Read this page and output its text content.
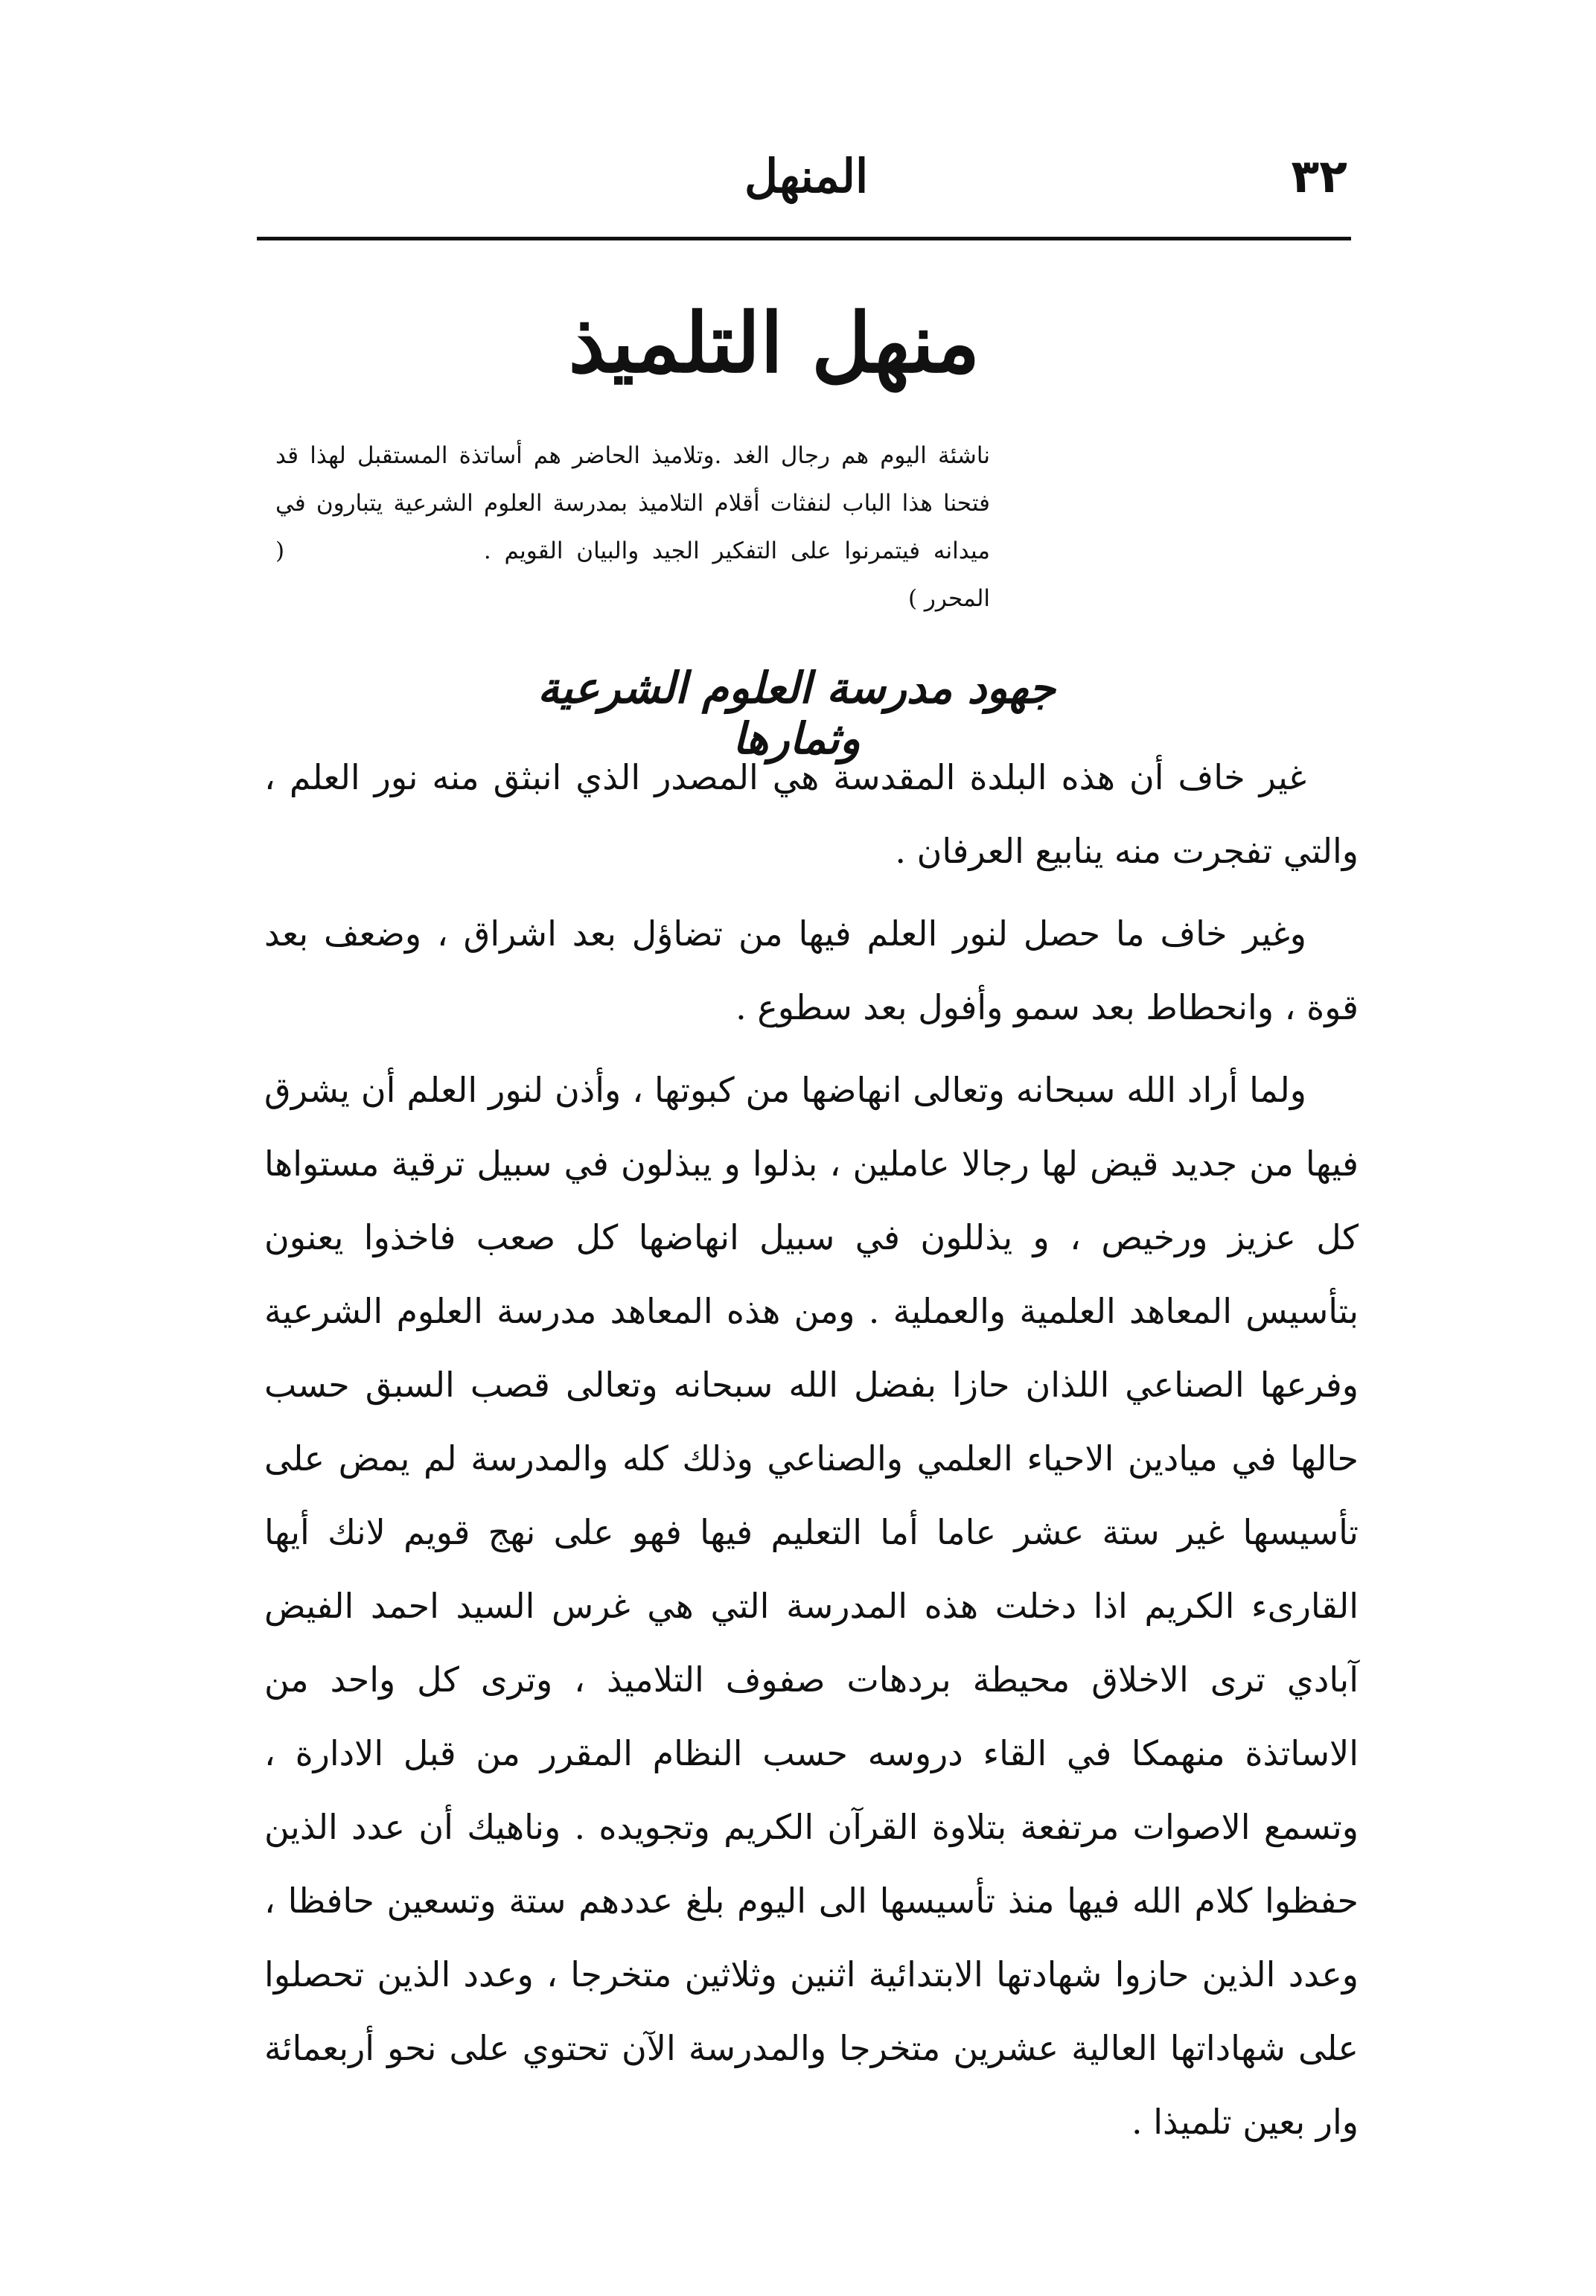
٣٢
المنهل
منهل التلميذ
ناشئة اليوم هم رجال الغد .وتلاميذ الحاضر هم أساتذة المستقبل لهذا قد فتحنا هذا الباب لنفثات أقلام التلاميذ بمدرسة العلوم الشرعية يتبارون في ميدانه فيتمرنوا على التفكير الجيد والبيان القويم . ( المحرر )
جهود مدرسة العلوم الشرعية وثمارها

غير خاف أن هذه البلدة المقدسة هي المصدر الذي انبثق منه نور العلم ، والتي تفجرت منه ينابيع العرفان .

وغير خاف ما حصل لنور العلم فيها من تضاؤل بعد اشراق ، وضعف بعد قوة ، وانحطاط بعد سمو وأفول بعد سطوع .

ولما أراد الله سبحانه وتعالى انهاضها من كبوتها ، وأذن لنور العلم أن يشرق فيها من جديد قيض لها رجالا عاملين ، بذلوا و يبذلون في سبيل ترقية مستواها كل عزيز ورخيص ، و يذللون في سبيل انهاضها كل صعب فاخذوا يعنون بتأسيس المعاهد العلمية والعملية . ومن هذه المعاهد مدرسة العلوم الشرعية وفرعها الصناعي اللذان حازا بفضل الله سبحانه وتعالى قصب السبق حسب حالها في ميادين الاحياء العلمي والصناعي وذلك كله والمدرسة لم يمض على تأسيسها غير ستة عشر عاما أما التعليم فيها فهو على نهج قويم لانك أيها القارىء الكريم اذا دخلت هذه المدرسة التي هي غرس السيد احمد الفيض آبادي ترى الاخلاق محيطة بردهات صفوف التلاميذ ، وترى كل واحد من الاساتذة منهمكا في القاء دروسه حسب النظام المقرر من قبل الادارة ، وتسمع الاصوات مرتفعة بتلاوة القرآن الكريم وتجويده . وناهيك أن عدد الذين حفظوا كلام الله فيها منذ تأسيسها الى اليوم بلغ عددهم ستة وتسعين حافظا ، وعدد الذين حازوا شهادتها الابتدائية اثنين وثلاثين متخرجا ، وعدد الذين تحصلوا على شهاداتها العالية عشرين متخرجا والمدرسة الآن تحتوي على نحو أربعمائة وار بعين تلميذا .
